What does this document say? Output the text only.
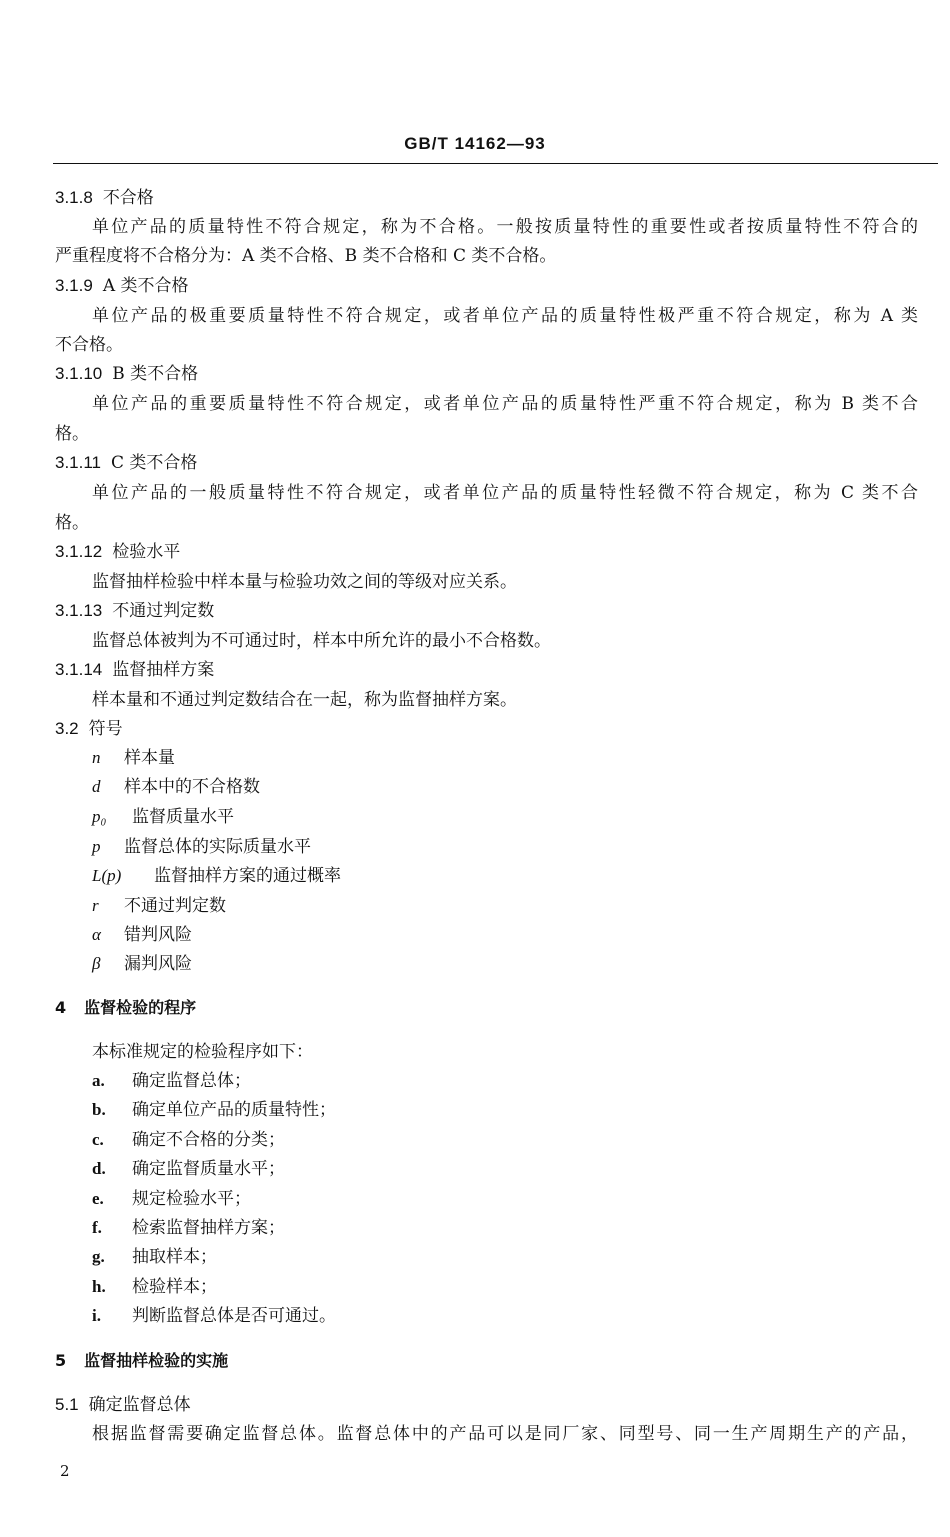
GB/T 14162—93
3.1.8 不合格
单位产品的质量特性不符合规定，称为不合格。一般按质量特性的重要性或者按质量特性不符合的
严重程度将不合格分为：A 类不合格、B 类不合格和 C 类不合格。
3.1.9 A 类不合格
单位产品的极重要质量特性不符合规定，或者单位产品的质量特性极严重不符合规定，称为 A 类
不合格。
3.1.10 B 类不合格
单位产品的重要质量特性不符合规定，或者单位产品的质量特性严重不符合规定，称为 B 类不合
格。
3.1.11 C 类不合格
单位产品的一般质量特性不符合规定，或者单位产品的质量特性轻微不符合规定，称为 C 类不合
格。
3.1.12 检验水平
监督抽样检验中样本量与检验功效之间的等级对应关系。
3.1.13 不通过判定数
监督总体被判为不可通过时，样本中所允许的最小不合格数。
3.1.14 监督抽样方案
样本量和不通过判定数结合在一起，称为监督抽样方案。
3.2 符号
n 样本量
d 样本中的不合格数
p₀ 监督质量水平
p 监督总体的实际质量水平
L(p) 监督抽样方案的通过概率
r 不通过判定数
α 错判风险
β 漏判风险
4 监督检验的程序
本标准规定的检验程序如下：
a. 确定监督总体；
b. 确定单位产品的质量特性；
c. 确定不合格的分类；
d. 确定监督质量水平；
e. 规定检验水平；
f. 检索监督抽样方案；
g. 抽取样本；
h. 检验样本；
i. 判断监督总体是否可通过。
5 监督抽样检验的实施
5.1 确定监督总体
根据监督需要确定监督总体。监督总体中的产品可以是同厂家、同型号、同一生产周期生产的产品，
2
